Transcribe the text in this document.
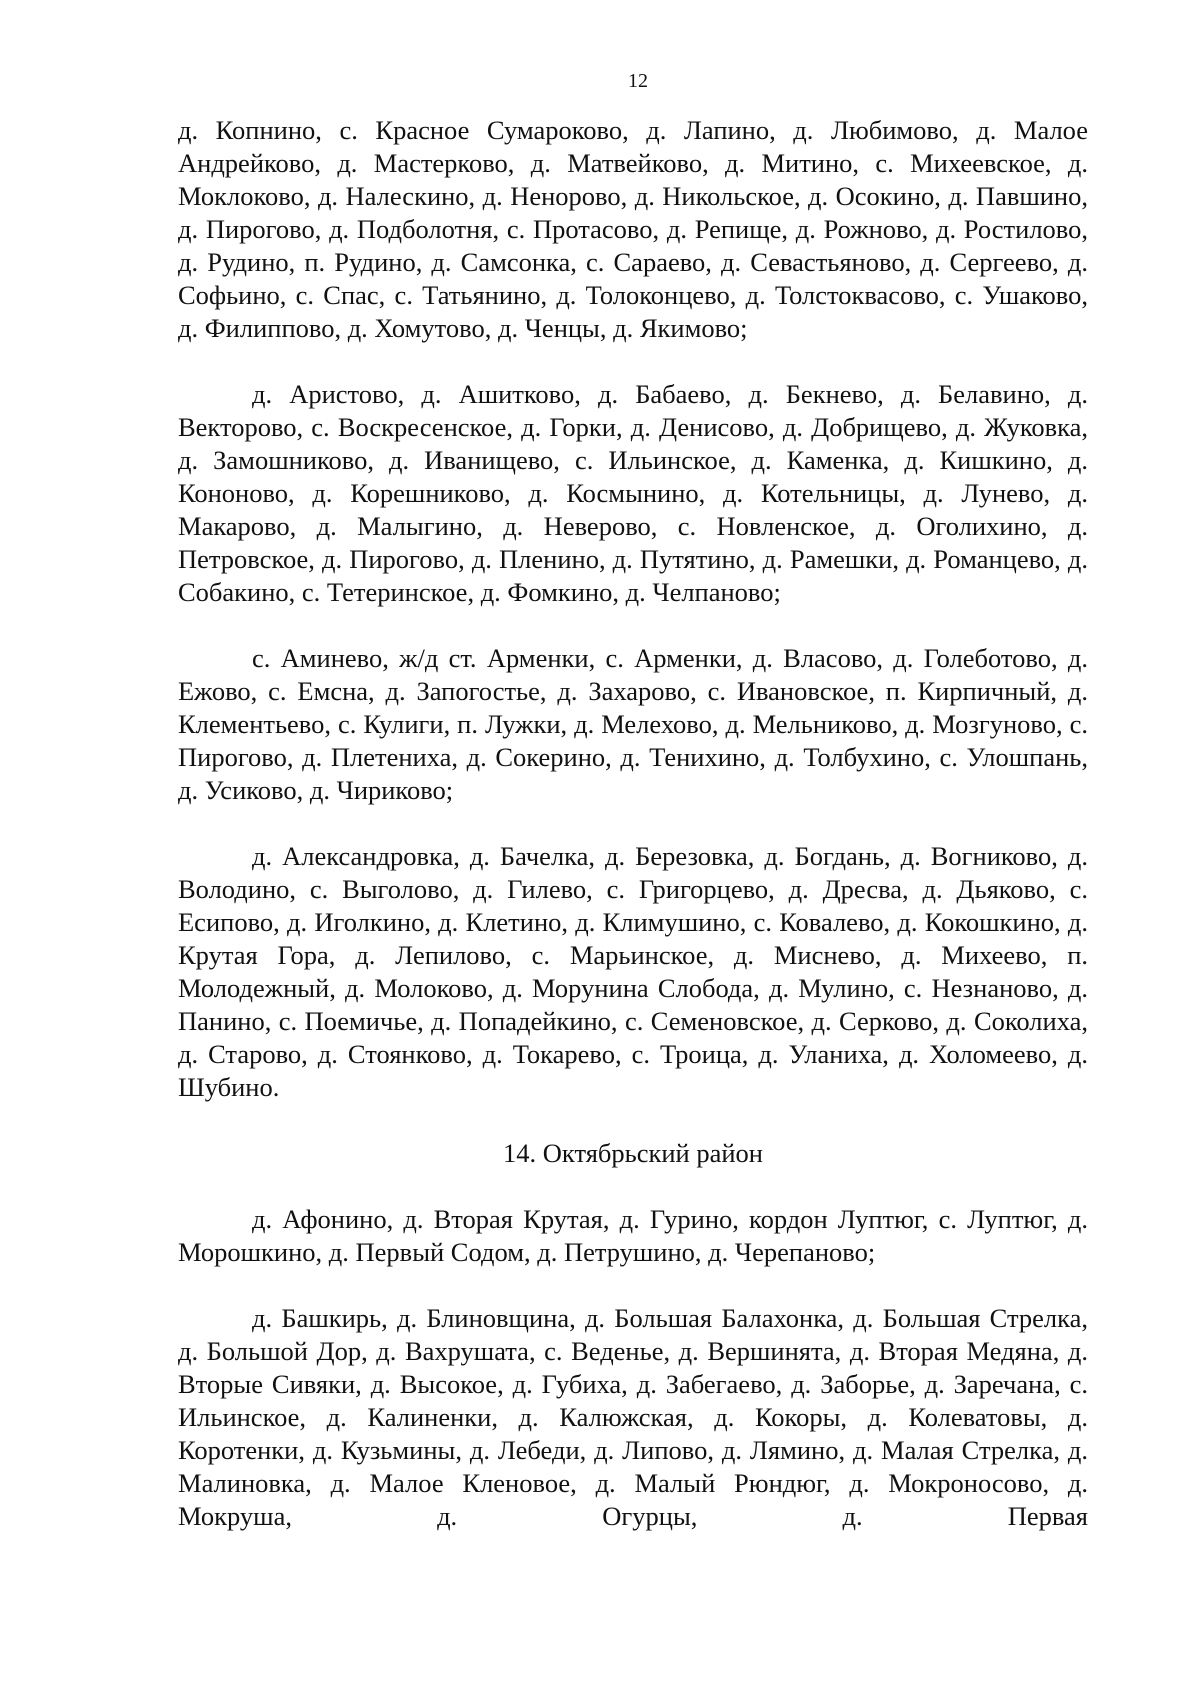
12

д. Копнино, с. Красное Сумароково, д. Лапино, д. Любимово, д. Малое Андрейково, д. Мастерково, д. Матвейково, д. Митино, с. Михеевское, д. Моклоково, д. Налескино, д. Ненорово, д. Никольское, д. Осокино, д. Павшино, д. Пирогово, д. Подболотня, с. Протасово, д. Репище, д. Рожново, д. Ростилово, д. Рудино, п. Рудино, д. Самсонка, с. Сараево, д. Севастьяново, д. Сергеево, д. Софьино, с. Спас, с. Татьянино, д. Толоконцево, д. Толстоквасово, с. Ушаково, д. Филиппово, д. Хомутово, д. Ченцы, д. Якимово;

д. Аристово, д. Ашитково, д. Бабаево, д. Бекнево, д. Белавино, д. Векторово, с. Воскресенское, д. Горки, д. Денисово, д. Добрищево, д. Жуковка, д. Замошниково, д. Иванищево, с. Ильинское, д. Каменка, д. Кишкино, д. Кононово, д. Корешниково, д. Космынино, д. Котельницы, д. Лунево, д. Макарово, д. Малыгино, д. Неверово, с. Новленское, д. Оголихино, д. Петровское, д. Пирогово, д. Пленино, д. Путятино, д. Рамешки, д. Романцево, д. Собакино, с. Тетеринское, д. Фомкино, д. Челпаново;

с. Аминево, ж/д ст. Арменки, с. Арменки, д. Власово, д. Голеботово, д. Ежово, с. Емсна, д. Запогостье, д. Захарово, с. Ивановское, п. Кирпичный, д. Клементьево, с. Кулиги, п. Лужки, д. Мелехово, д. Мельниково, д. Мозгуново, с. Пирогово, д. Плетениха, д. Сокерино, д. Тенихино, д. Толбухино, с. Улошпань, д. Усиково, д. Чириково;

д. Александровка, д. Бачелка, д. Березовка, д. Богдань, д. Вогниково, д. Володино, с. Выголово, д. Гилево, с. Григорцево, д. Дресва, д. Дьяково, с. Есипово, д. Иголкино, д. Клетино, д. Климушино, с. Ковалево, д. Кокошкино, д. Крутая Гора, д. Лепилово, с. Марьинское, д. Миснево, д. Михеево, п. Молодежный, д. Молоково, д. Морунина Слобода, д. Мулино, с. Незнаново, д. Панино, с. Поемичье, д. Попадейкино, с. Семеновское, д. Серково, д. Соколиха, д. Старово, д. Стоянково, д. Токарево, с. Троица, д. Уланиха, д. Холомеево, д. Шубино.

14. Октябрьский район

д. Афонино, д. Вторая Крутая, д. Гурино, кордон Луптюг, с. Луптюг, д. Морошкино, д. Первый Содом, д. Петрушино, д. Черепаново;

д. Башкирь, д. Блиновщина, д. Большая Балахонка, д. Большая Стрелка, д. Большой Дор, д. Вахрушата, с. Веденье, д. Вершинята, д. Вторая Медяна, д. Вторые Сивяки, д. Высокое, д. Губиха, д. Забегаево, д. Заборье, д. Заречана, с. Ильинское, д. Калиненки, д. Калюжская, д. Кокоры, д. Колеватовы, д. Коротенки, д. Кузьмины, д. Лебеди, д. Липово, д. Лямино, д. Малая Стрелка, д. Малиновка, д. Малое Кленовое, д. Малый Рюндюг, д. Мокроносово, д. Мокруша, д. Огурцы, д. Первая
